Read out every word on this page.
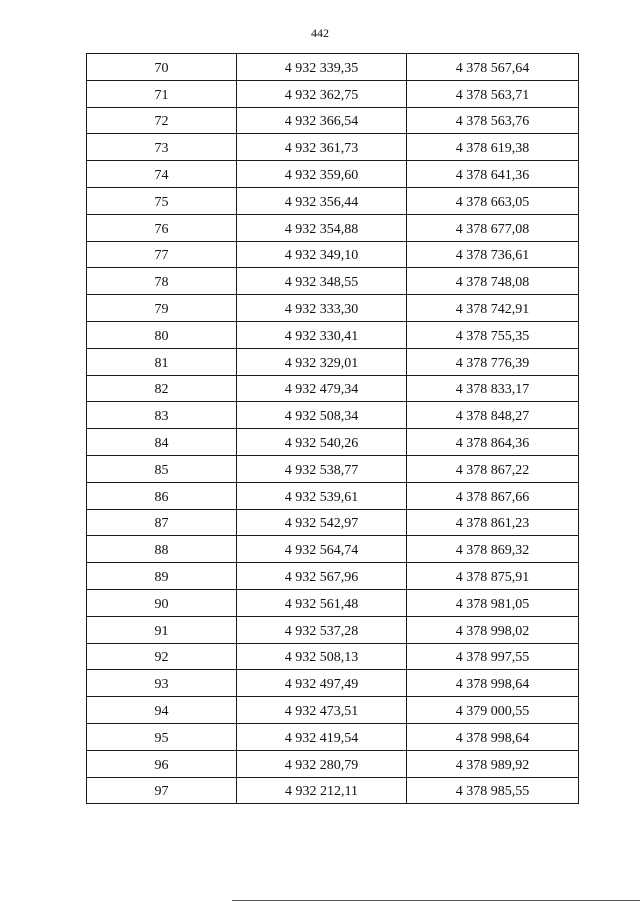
442
70	4 932 339,35	4 378 567,64
71	4 932 362,75	4 378 563,71
72	4 932 366,54	4 378 563,76
73	4 932 361,73	4 378 619,38
74	4 932 359,60	4 378 641,36
75	4 932 356,44	4 378 663,05
76	4 932 354,88	4 378 677,08
77	4 932 349,10	4 378 736,61
78	4 932 348,55	4 378 748,08
79	4 932 333,30	4 378 742,91
80	4 932 330,41	4 378 755,35
81	4 932 329,01	4 378 776,39
82	4 932 479,34	4 378 833,17
83	4 932 508,34	4 378 848,27
84	4 932 540,26	4 378 864,36
85	4 932 538,77	4 378 867,22
86	4 932 539,61	4 378 867,66
87	4 932 542,97	4 378 861,23
88	4 932 564,74	4 378 869,32
89	4 932 567,96	4 378 875,91
90	4 932 561,48	4 378 981,05
91	4 932 537,28	4 378 998,02
92	4 932 508,13	4 378 997,55
93	4 932 497,49	4 378 998,64
94	4 932 473,51	4 379 000,55
95	4 932 419,54	4 378 998,64
96	4 932 280,79	4 378 989,92
97	4 932 212,11	4 378 985,55
